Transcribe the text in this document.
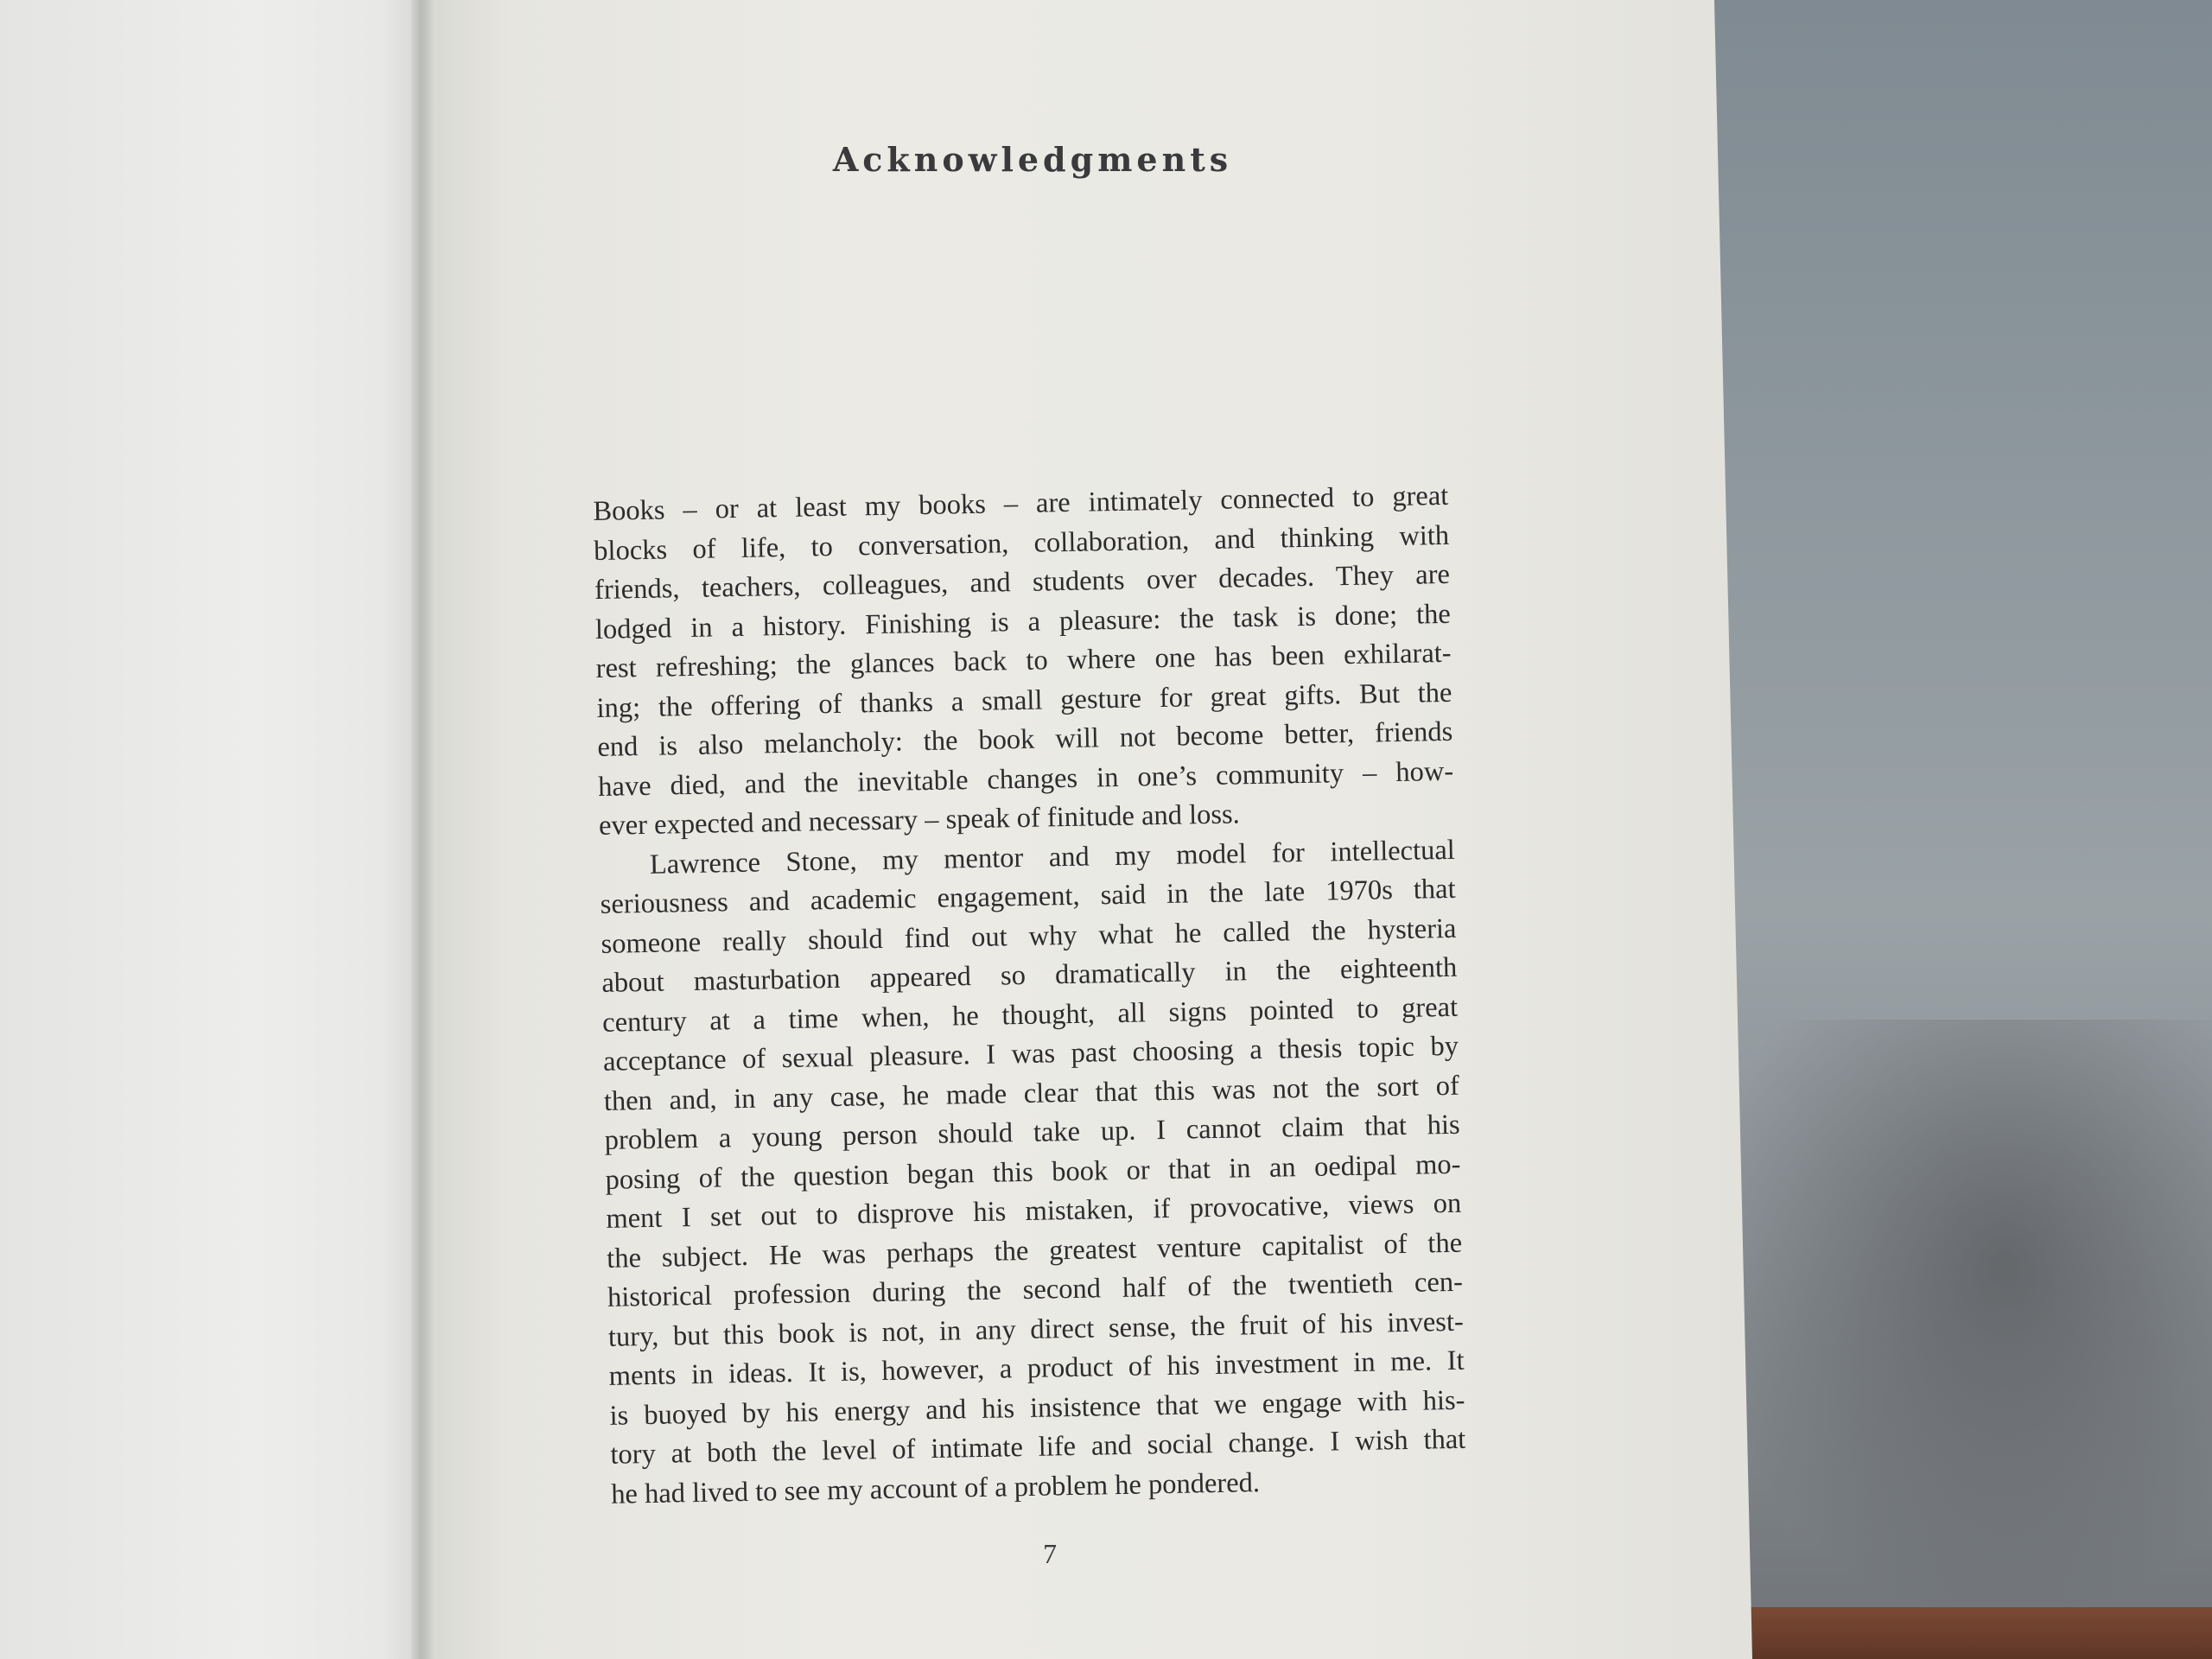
Acknowledgments
Books – or at least my books – are intimately connected to great
blocks of life, to conversation, collaboration, and thinking with
friends, teachers, colleagues, and students over decades. They are
lodged in a history. Finishing is a pleasure: the task is done; the
rest refreshing; the glances back to where one has been exhilarat-
ing; the offering of thanks a small gesture for great gifts. But the
end is also melancholy: the book will not become better, friends
have died, and the inevitable changes in one’s community – how-
ever expected and necessary – speak of finitude and loss.
Lawrence Stone, my mentor and my model for intellectual
seriousness and academic engagement, said in the late 1970s that
someone really should find out why what he called the hysteria
about masturbation appeared so dramatically in the eighteenth
century at a time when, he thought, all signs pointed to great
acceptance of sexual pleasure. I was past choosing a thesis topic by
then and, in any case, he made clear that this was not the sort of
problem a young person should take up. I cannot claim that his
posing of the question began this book or that in an oedipal mo-
ment I set out to disprove his mistaken, if provocative, views on
the subject. He was perhaps the greatest venture capitalist of the
historical profession during the second half of the twentieth cen-
tury, but this book is not, in any direct sense, the fruit of his invest-
ments in ideas. It is, however, a product of his investment in me. It
is buoyed by his energy and his insistence that we engage with his-
tory at both the level of intimate life and social change. I wish that
he had lived to see my account of a problem he pondered.
7
